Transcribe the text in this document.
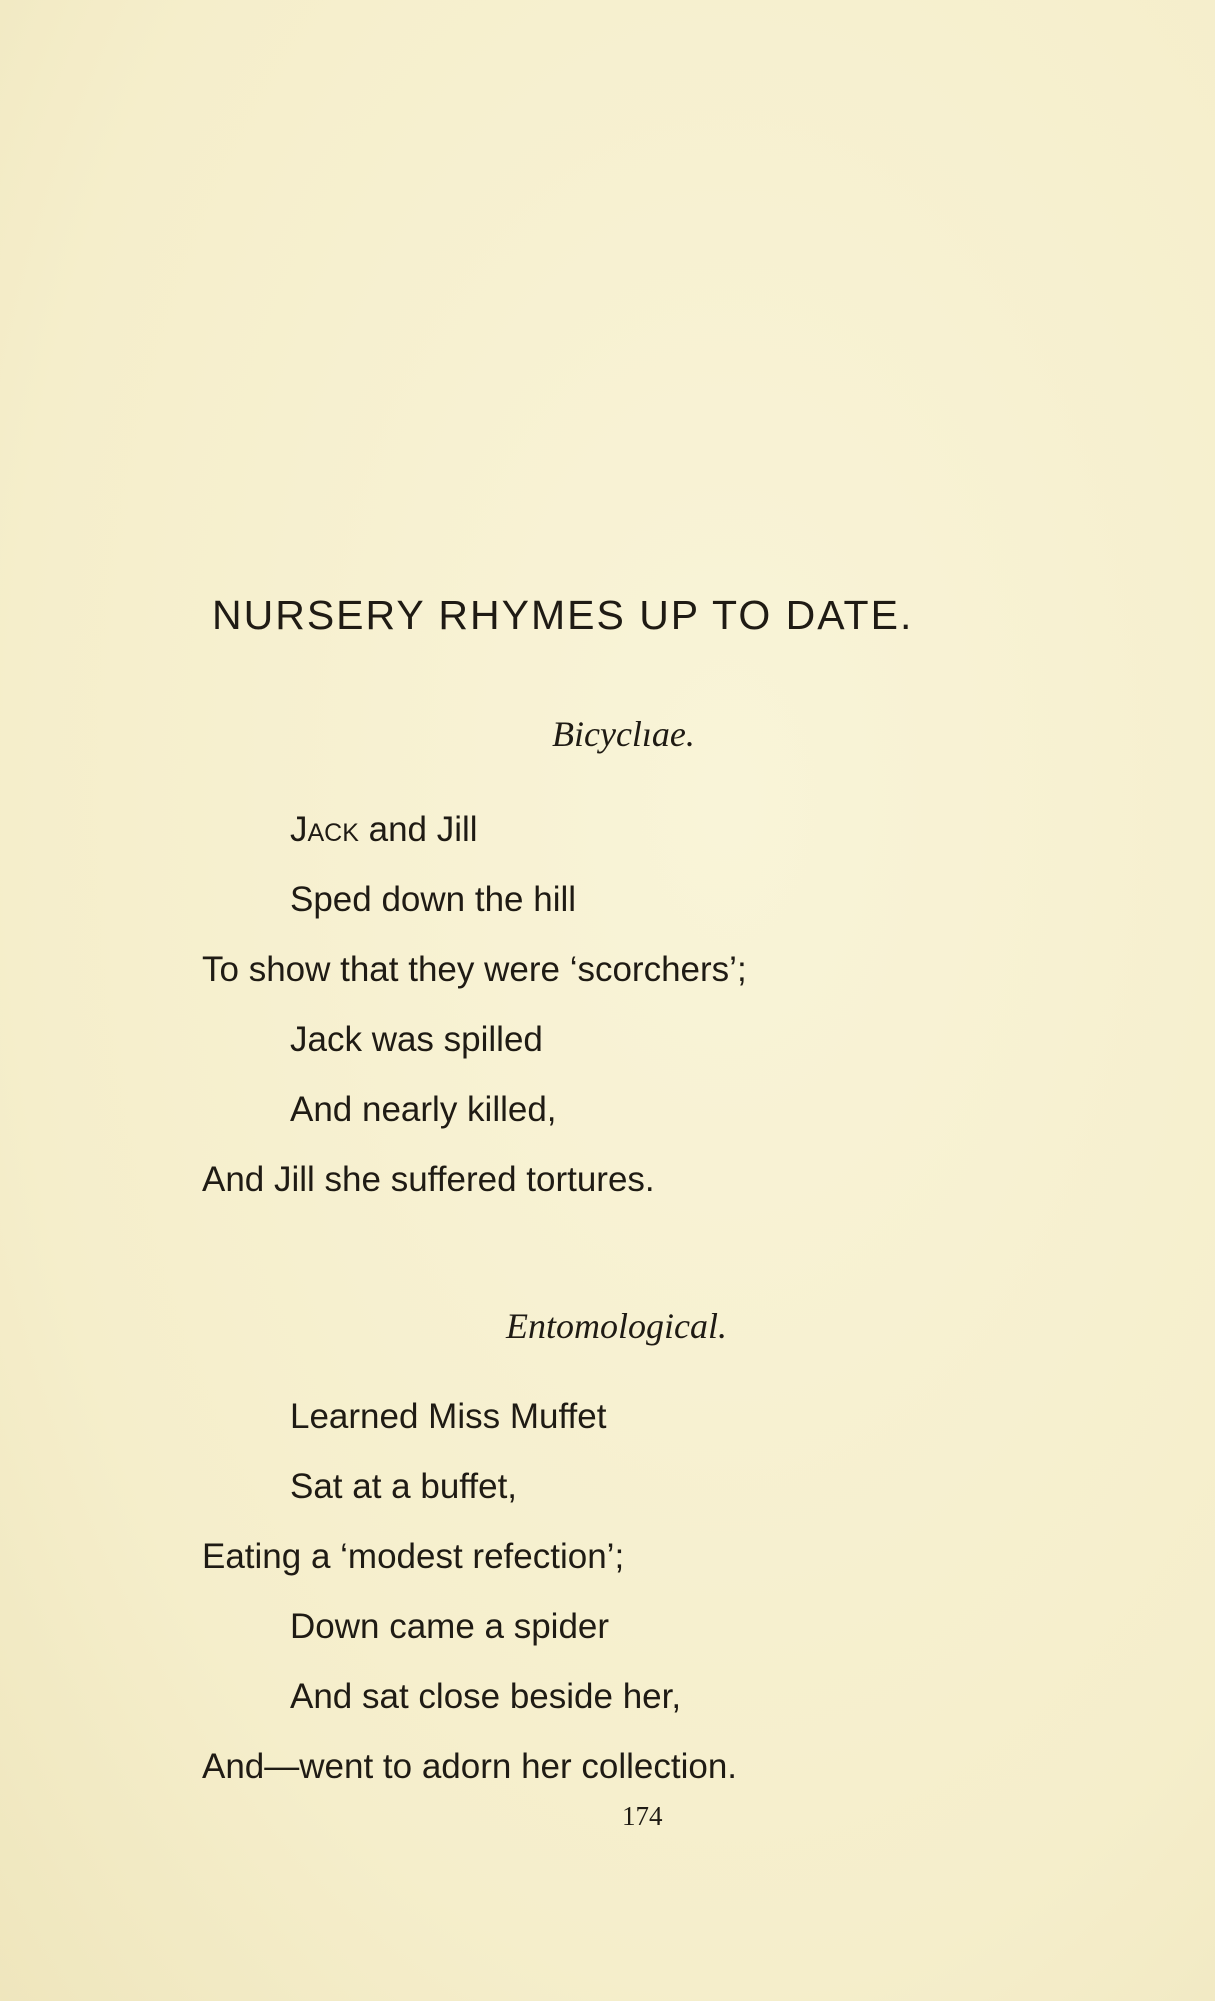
NURSERY RHYMES UP TO DATE.
Bicyclıae.
Jack and Jill
Sped down the hill
To show that they were ‘scorchers’;
Jack was spilled
And nearly killed,
And Jill she suffered tortures.
Entomological.
Learned Miss Muffet
Sat at a buffet,
Eating a ‘modest refection’;
Down came a spider
And sat close beside her,
And—went to adorn her collection.
174
